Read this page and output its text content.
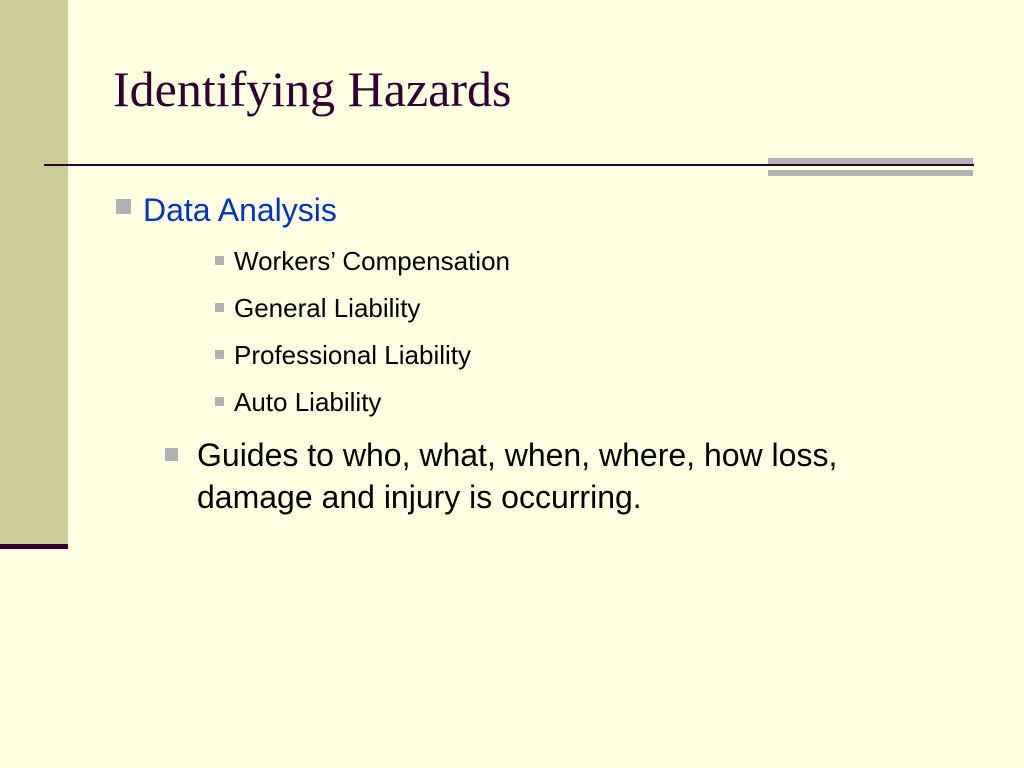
Identifying Hazards
Data Analysis
Workers’ Compensation
General Liability
Professional Liability
Auto Liability
Guides to who, what, when, where, how loss, damage and injury is occurring.
